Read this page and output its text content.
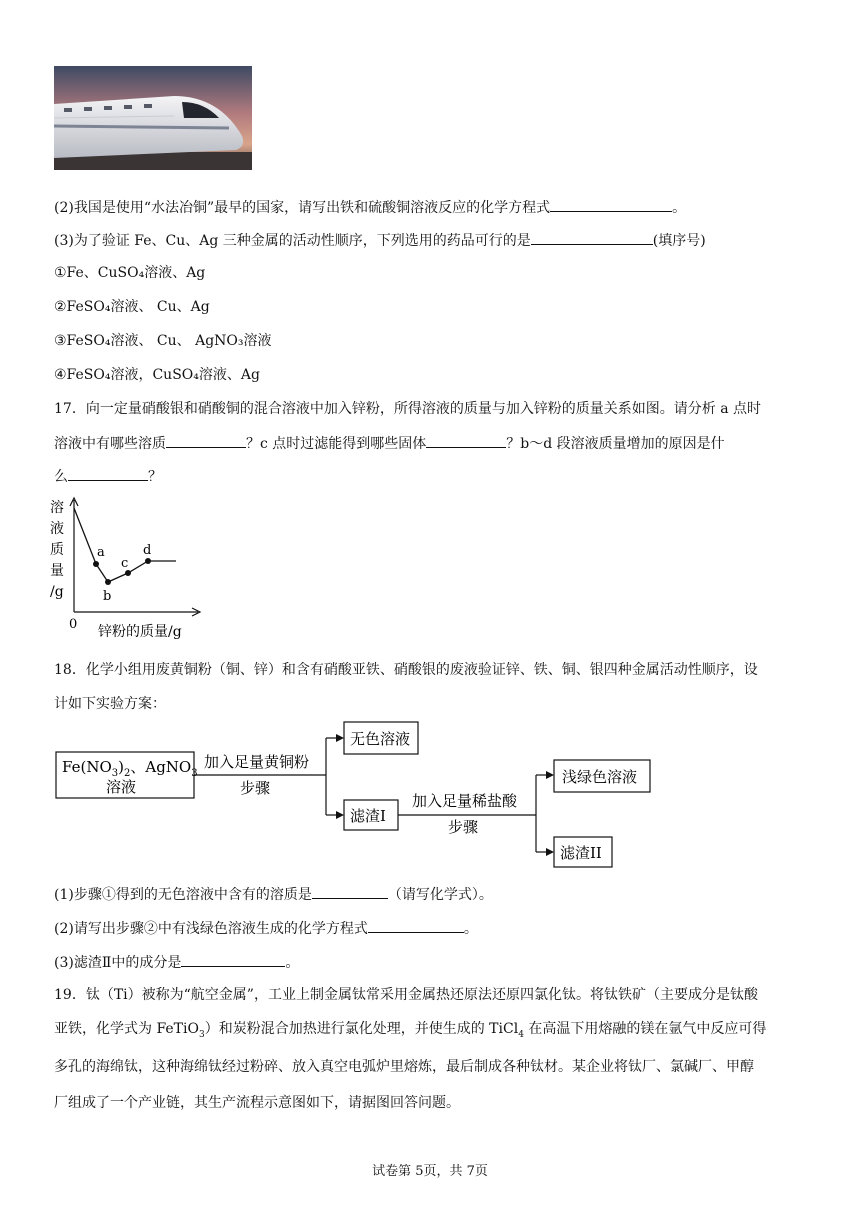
(2)我国是使用“水法冶铜”最早的国家，请写出铁和硫酸铜溶液反应的化学方程式	。
(3)为了验证 Fe、Cu、Ag 三种金属的活动性顺序，下列选用的药品可行的是	(填序号)
①Fe、CuSO₄溶液、Ag
②FeSO₄溶液、 Cu、Ag
③FeSO₄溶液、 Cu、 AgNO₃溶液
④FeSO₄溶液，CuSO₄溶液、Ag
17．向一定量硝酸银和硝酸铜的混合溶液中加入锌粉，所得溶液的质量与加入锌粉的质量关系如图。请分析 a 点时
溶液中有哪些溶质	？c 点时过滤能得到哪些固体	？b～d 段溶液质量增加的原因是什
么	？
溶
液
质
量
/g
a
b
c
d
0 锌粉的质量/g
18．化学小组用废黄铜粉（铜、锌）和含有硝酸亚铁、硝酸银的废液验证锌、铁、铜、银四种金属活动性顺序，设
计如下实验方案：
$Fe(NO_3)_2$、AgNO$_3$
溶液
加入足量黄铜粉
步骤
无色溶液
滤渣I
加入足量稀盐酸
步骤
浅绿色溶液
滤渣II
(1)步骤①得到的无色溶液中含有的溶质是	（请写化学式）。
(2)请写出步骤②中有浅绿色溶液生成的化学方程式	。
(3)滤渣Ⅱ中的成分是	。
19．钛（Ti）被称为“航空金属”，工业上制金属钛常采用金属热还原法还原四氯化钛。将钛铁矿（主要成分是钛酸
亚铁，化学式为 FeTiO$_3$）和炭粉混合加热进行氯化处理，并使生成的 TiCl$_4$ 在高温下用熔融的镁在氩气中反应可得
多孔的海绵钛，这种海绵钛经过粉碎、放入真空电弧炉里熔炼，最后制成各种钛材。某企业将钛厂、氯碱厂、甲醇
厂组成了一个产业链，其生产流程示意图如下，请据图回答问题。
试卷第 5页，共 7页
